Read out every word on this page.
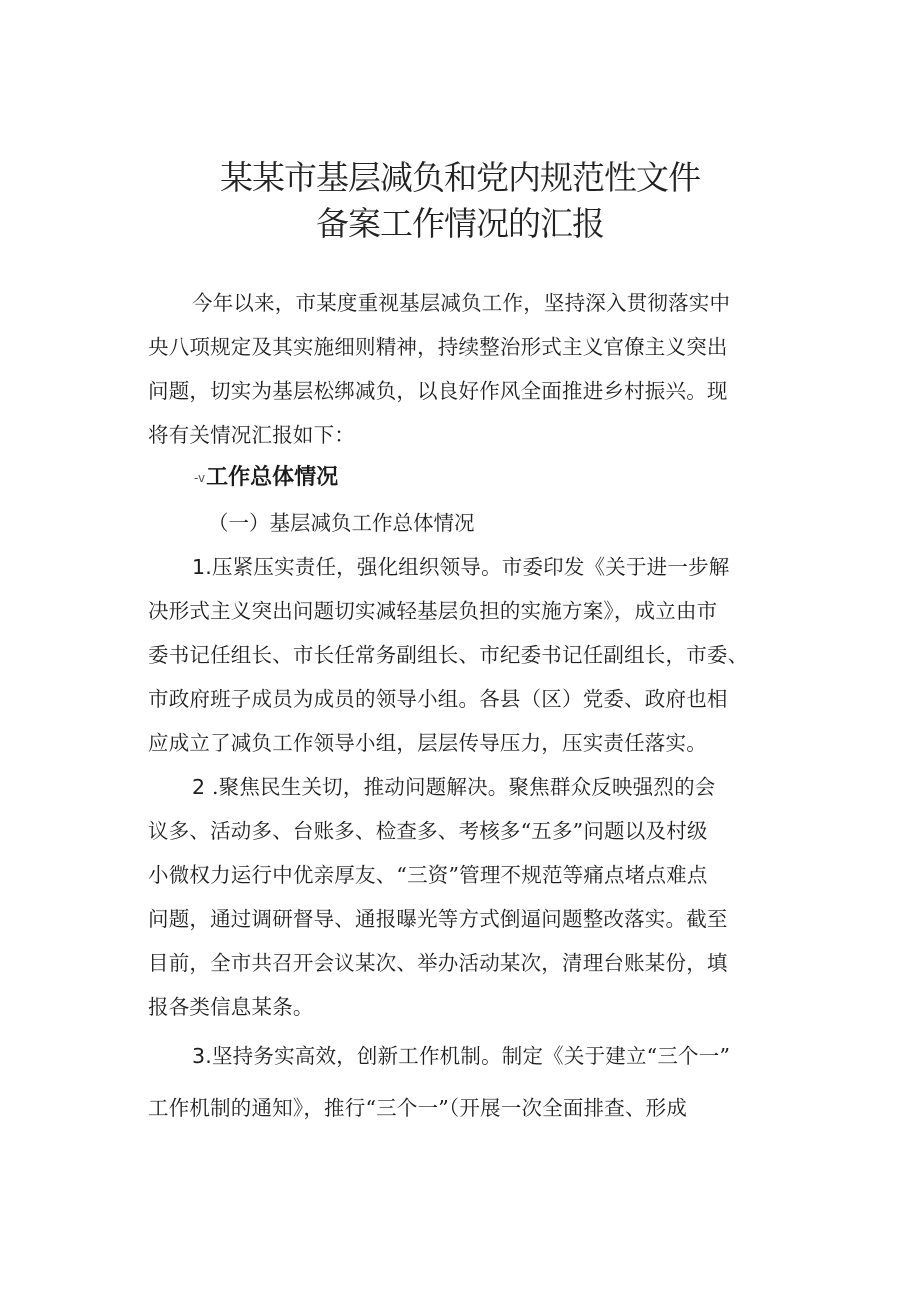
某某市基层减负和党内规范性文件
备案工作情况的汇报
今年以来，市某度重视基层减负工作，坚持深入贯彻落实中
央八项规定及其实施细则精神，持续整治形式主义官僚主义突出
问题，切实为基层松绑减负，以良好作风全面推进乡村振兴。现
将有关情况汇报如下：
-v工作总体情况
（一）基层减负工作总体情况
1.压紧压实责任，强化组织领导。市委印发《关于进一步解
决形式主义突出问题切实减轻基层负担的实施方案》，成立由市
委书记任组长、市长任常务副组长、市纪委书记任副组长，市委、
市政府班子成员为成员的领导小组。各县（区）党委、政府也相
应成立了减负工作领导小组，层层传导压力，压实责任落实。
2 .聚焦民生关切，推动问题解决。聚焦群众反映强烈的会
议多、活动多、台账多、检查多、考核多“五多”问题以及村级
小微权力运行中优亲厚友、“三资”管理不规范等痛点堵点难点
问题，通过调研督导、通报曝光等方式倒逼问题整改落实。截至
目前，全市共召开会议某次、举办活动某次，清理台账某份，填
报各类信息某条。
3.坚持务实高效，创新工作机制。制定《关于建立“三个一”
工作机制的通知》，推行“三个一”（开展一次全面排查、形成
